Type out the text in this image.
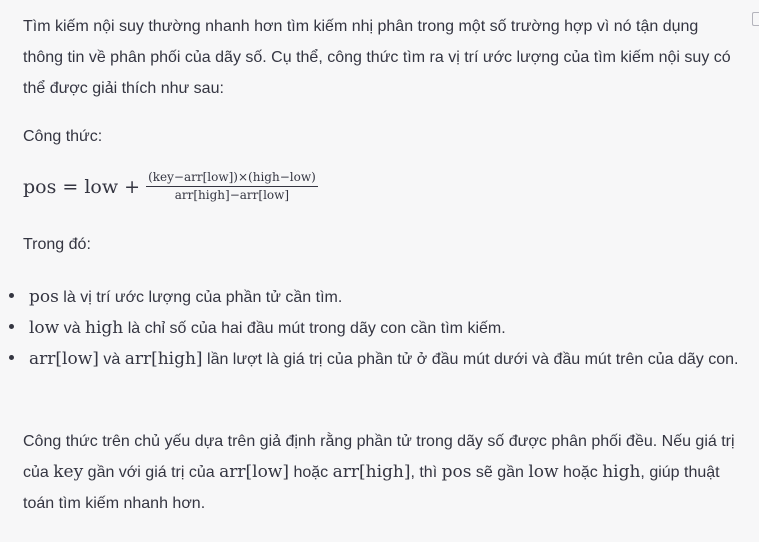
Tìm kiếm nội suy thường nhanh hơn tìm kiếm nhị phân trong một số trường hợp vì nó tận dụng thông tin về phân phối của dãy số. Cụ thể, công thức tìm ra vị trí ước lượng của tìm kiếm nội suy có thể được giải thích như sau:

Công thức:

pos = low + $\frac{\text{(key−arr[low])×(high−low)}}{\text{arr[high]−arr[low]}}$

Trong đó:

pos là vị trí ước lượng của phần tử cần tìm.
low và high là chỉ số của hai đầu mút trong dãy con cần tìm kiếm.
arr[low] và arr[high] lần lượt là giá trị của phần tử ở đầu mút dưới và đầu mút trên của dãy con.

Công thức trên chủ yếu dựa trên giả định rằng phần tử trong dãy số được phân phối đều. Nếu giá trị của key gần với giá trị của arr[low] hoặc arr[high], thì pos sẽ gần low hoặc high, giúp thuật toán tìm kiếm nhanh hơn.
